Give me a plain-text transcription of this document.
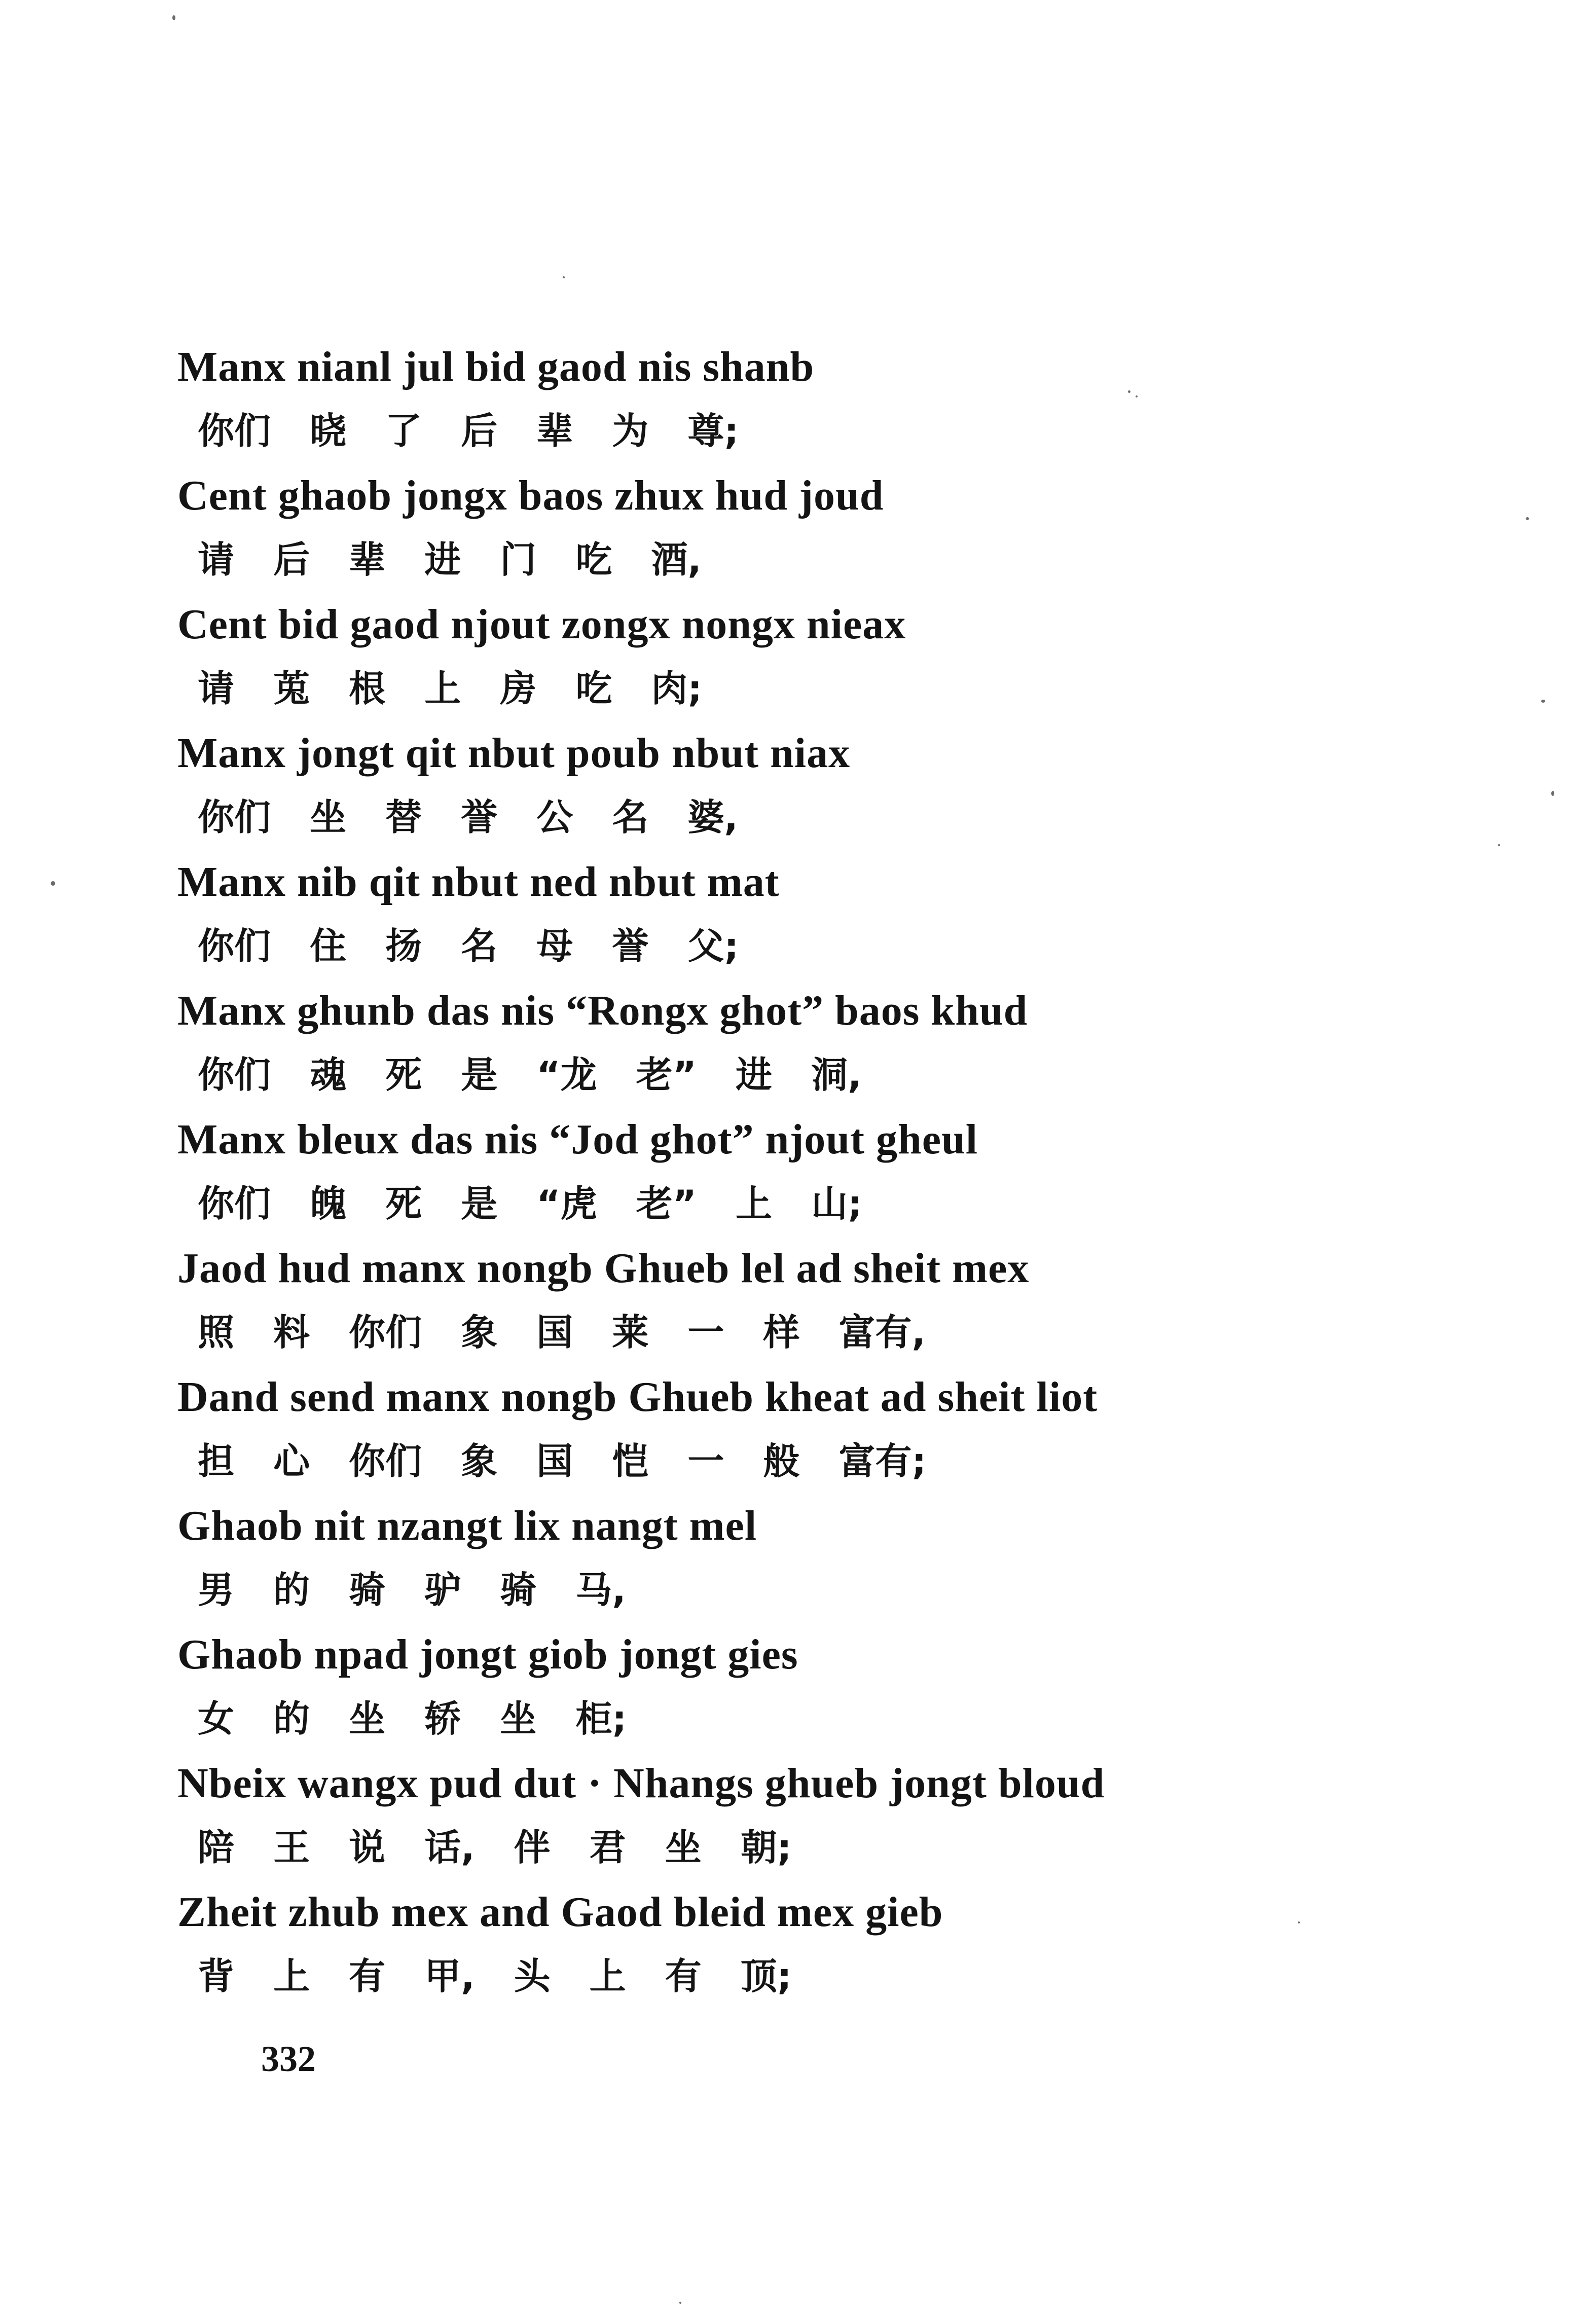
Manx nianl jul bid gaod nis shanb
你们 晓 了 后 辈 为 尊;
Cent ghaob jongx baos zhux hud joud
请 后 辈 进 门 吃 酒,
Cent bid gaod njout zongx nongx nieax
请 莵 根 上 房 吃 肉;
Manx jongt qit nbut poub nbut niax
你们 坐 替 誉 公 名 婆,
Manx nib qit nbut ned nbut mat
你们 住 扬 名 母 誉 父;
Manx ghunb das nis “Rongx ghot” baos khud
你们 魂 死 是 “龙 老” 进 洞,
Manx bleux das nis “Jod ghot” njout gheul
你们 魄 死 是 “虎 老” 上 山;
Jaod hud manx nongb Ghueb lel ad sheit mex
照 料 你们 象 国 莱 一 样 富有,
Dand send manx nongb Ghueb kheat ad sheit liot
担 心 你们 象 国 恺 一 般 富有;
Ghaob nit nzangt lix nangt mel
男 的 骑 驴 骑 马,
Ghaob npad jongt giob jongt gies
女 的 坐 轿 坐 柜;
Nbeix wangx pud dut · Nhangs ghueb jongt bloud
陪 王 说 话, 伴 君 坐 朝;
Zheit zhub mex and Gaod bleid mex gieb
背 上 有 甲, 头 上 有 顶;
332
